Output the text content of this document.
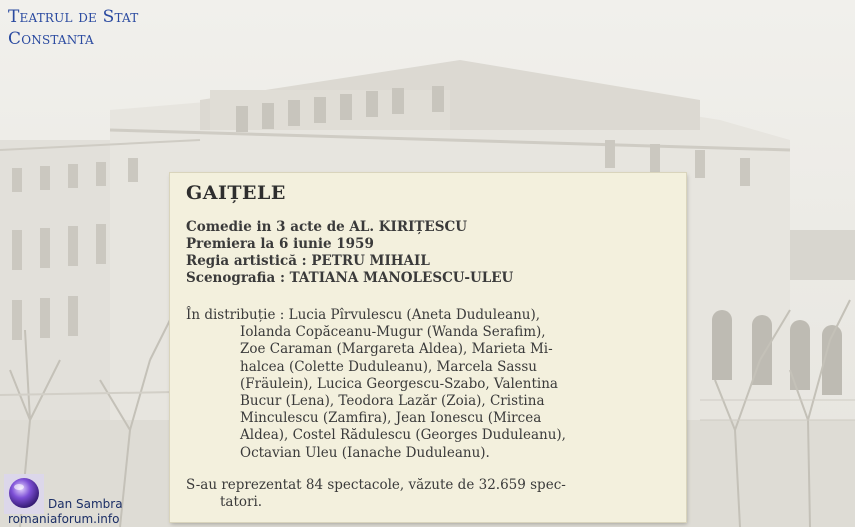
Teatrul de Stat
Constanta
GAIȚELE
Comedie in 3 acte de AL. KIRIȚESCU
Premiera la 6 iunie 1959
Regia artistică : PETRU MIHAIL
Scenografia : TATIANA MANOLESCU-ULEU
În distribuție : Lucia Pîrvulescu (Aneta Duduleanu),
Iolanda Copăceanu-Mugur (Wanda Serafim),
Zoe Caraman (Margareta Aldea), Marieta Mi-
halcea (Colette Duduleanu), Marcela Sassu
(Fräulein), Lucica Georgescu-Szabo, Valentina
Bucur (Lena), Teodora Lazăr (Zoia), Cristina
Minculescu (Zamfira), Jean Ionescu (Mircea
Aldea), Costel Rădulescu (Georges Duduleanu),
Octavian Uleu (Ianache Duduleanu).
S-au reprezentat 84 spectacole, văzute de 32.659 spec-
tatori.
Dan Sambra
romaniaforum.info
